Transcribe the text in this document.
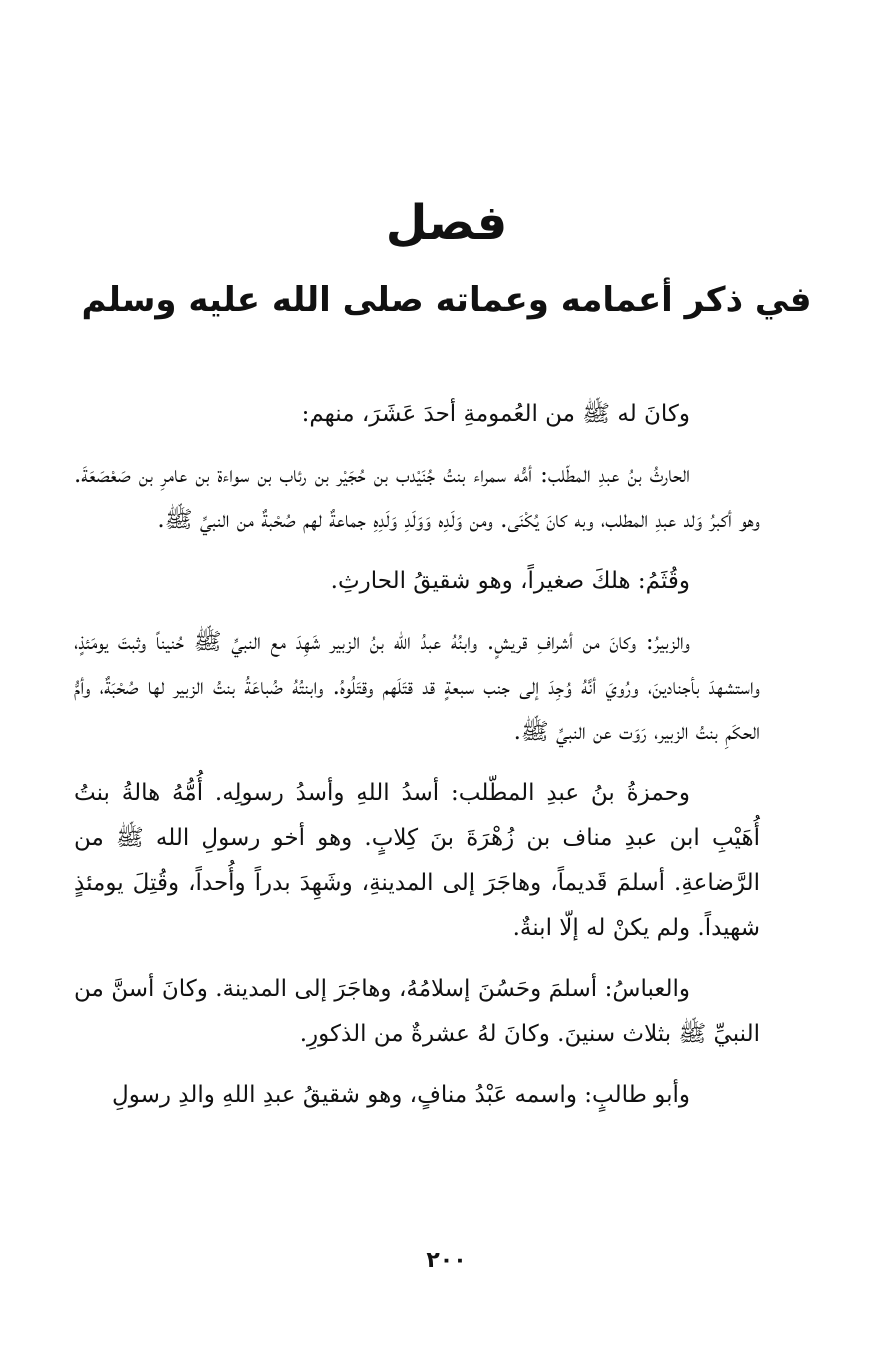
فصل
في ذكر أعمامه وعماته صلى الله عليه وسلم

وكانَ له ﷺ من العُمومةِ أحدَ عَشَرَ، منهم:

الحارثُ بنُ عبدِ المطّلب: أمُّه سمراء بنتُ جُنَيْدب بن حُجَيْر بن رئاب بن سواءة بن عامرِ بن صَعْصَعَةَ. وهو أكبرُ وَلد عبدِ المطلب، وبه كانَ يُكْنَى. ومن وَلَدِه وَوَلَدِ وَلَدِهِ جماعةٌ لهم صُحْبةٌ من النبيِّ ﷺ.

وقُثَمُ: هلكَ صغيراً، وهو شقيقُ الحارثِ.

والزبيرُ: وكانَ من أشرافِ قريشٍ. وابنُهُ عبدُ الله بنُ الزبير شَهِدَ مع النبيِّ ﷺ حُنيناً وثبتَ يومَئذٍ، واستشهدَ بأجنادينَ، ورُويَ أنَّهُ وُجِدَ إلى جنب سبعةٍ قد قتَلَهم وقتَلُوهُ. وابنتُهُ ضُباعَةُ بنتُ الزبير لها صُحْبَةٌ، وأمُّ الحكَمِ بنتُ الزبير، رَوَت عن النبيِّ ﷺ.

وحمزةُ بنُ عبدِ المطّلب: أسدُ اللهِ وأسدُ رسولِه. أُمُّهُ هالةُ بنتُ أُهَيْبِ ابن عبدِ مناف بن زُهْرَةَ بنَ كِلابٍ. وهو أخو رسولِ الله ﷺ من الرَّضاعةِ. أسلمَ قَديماً، وهاجَرَ إلى المدينةِ، وشَهِدَ بدراً وأُحداً، وقُتِلَ يومئذٍ شهيداً. ولم يكنْ له إلّا ابنةٌ.

والعباسُ: أسلمَ وحَسُنَ إسلامُهُ، وهاجَرَ إلى المدينة. وكانَ أسنَّ من النبيِّ ﷺ بثلاث سنينَ. وكانَ لهُ عشرةٌ من الذكورِ.

وأبو طالبٍ: واسمه عَبْدُ منافٍ، وهو شقيقُ عبدِ اللهِ والدِ رسولِ

٢٠٠
